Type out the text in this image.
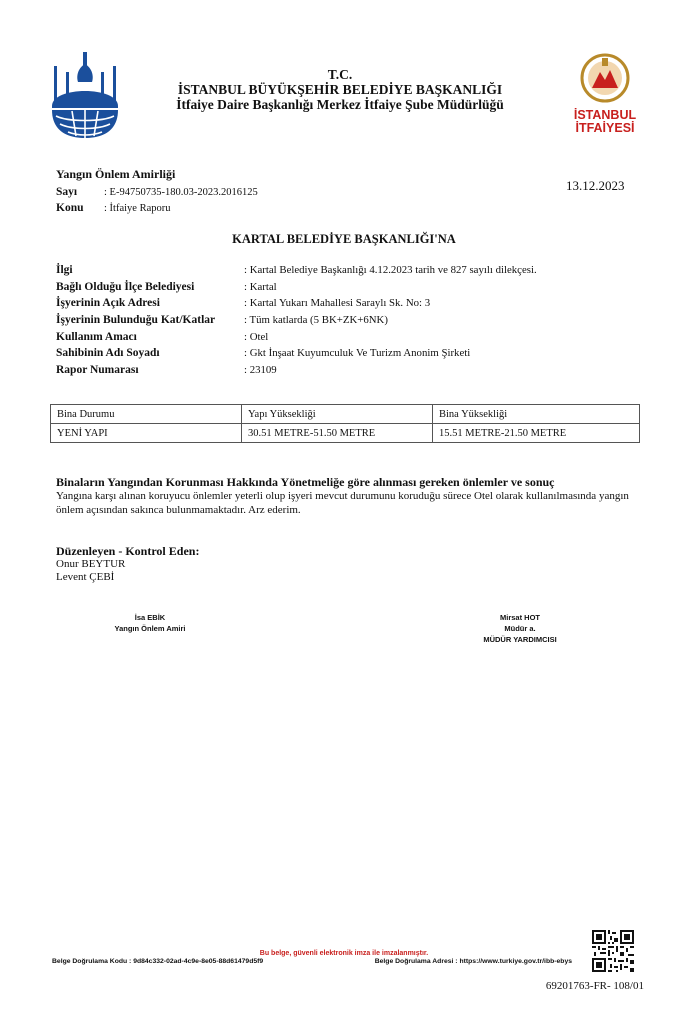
T.C.
İSTANBUL BÜYÜKŞEHİR BELEDİYE BAŞKANLIĞI
İtfaiye Daire Başkanlığı Merkez İtfaiye Şube Müdürlüğü
İSTANBUL
İTFAİYESİ
Yangın Önlem Amirliği
Sayı	: E-94750735-180.03-2023.2016125
Konu	: İtfaiye Raporu
13.12.2023
KARTAL BELEDİYE BAŞKANLIĞI'NA
İlgi	: Kartal Belediye Başkanlığı 4.12.2023 tarih ve 827 sayılı dilekçesi.
Bağlı Olduğu İlçe Belediyesi	: Kartal
İşyerinin Açık Adresi	: Kartal Yukarı Mahallesi Saraylı Sk. No: 3
İşyerinin Bulunduğu Kat/Katlar	: Tüm katlarda (5 BK+ZK+6NK)
Kullanım Amacı	: Otel
Sahibinin Adı Soyadı	: Gkt İnşaat Kuyumculuk Ve Turizm Anonim Şirketi
Rapor Numarası	: 23109
Bina Durumu	Yapı Yüksekliği	Bina Yüksekliği
YENİ YAPI	30.51 METRE-51.50 METRE	15.51 METRE-21.50 METRE
Binaların Yangından Korunması Hakkında Yönetmeliğe göre alınması gereken önlemler ve sonuç
Yangına karşı alınan koruyucu önlemler yeterli olup işyeri mevcut durumunu koruduğu sürece Otel olarak kullanılmasında yangın önlem açısından sakınca bulunmamaktadır. Arz ederim.
Düzenleyen - Kontrol Eden:
Onur BEYTUR
Levent ÇEBİ
İsa EBİK
Yangın Önlem Amiri
Mirsat HOT
Müdür a.
MÜDÜR YARDIMCISI
Bu belge, güvenli elektronik imza ile imzalanmıştır.
Belge Doğrulama Kodu : 9d84c332-02ad-4c9e-8e05-88d61479d5f9	Belge Doğrulama Adresi : https://www.turkiye.gov.tr/ibb-ebys
69201763-FR- 108/01
